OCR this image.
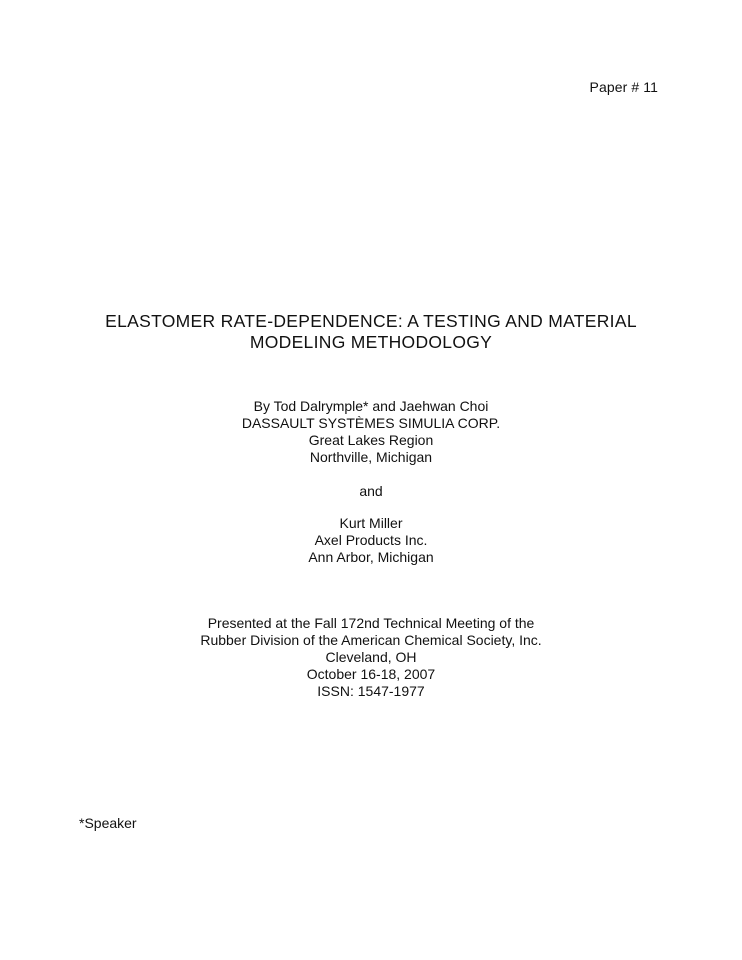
Paper # 11
ELASTOMER RATE-DEPENDENCE: A TESTING AND MATERIAL
MODELING METHODOLOGY
By Tod Dalrymple* and Jaehwan Choi
DASSAULT SYSTÈMES SIMULIA CORP.
Great Lakes Region
Northville, Michigan
and
Kurt Miller
Axel Products Inc.
Ann Arbor, Michigan
Presented at the Fall 172nd Technical Meeting of the
Rubber Division of the American Chemical Society, Inc.
Cleveland, OH
October 16-18, 2007
ISSN: 1547-1977
*Speaker
